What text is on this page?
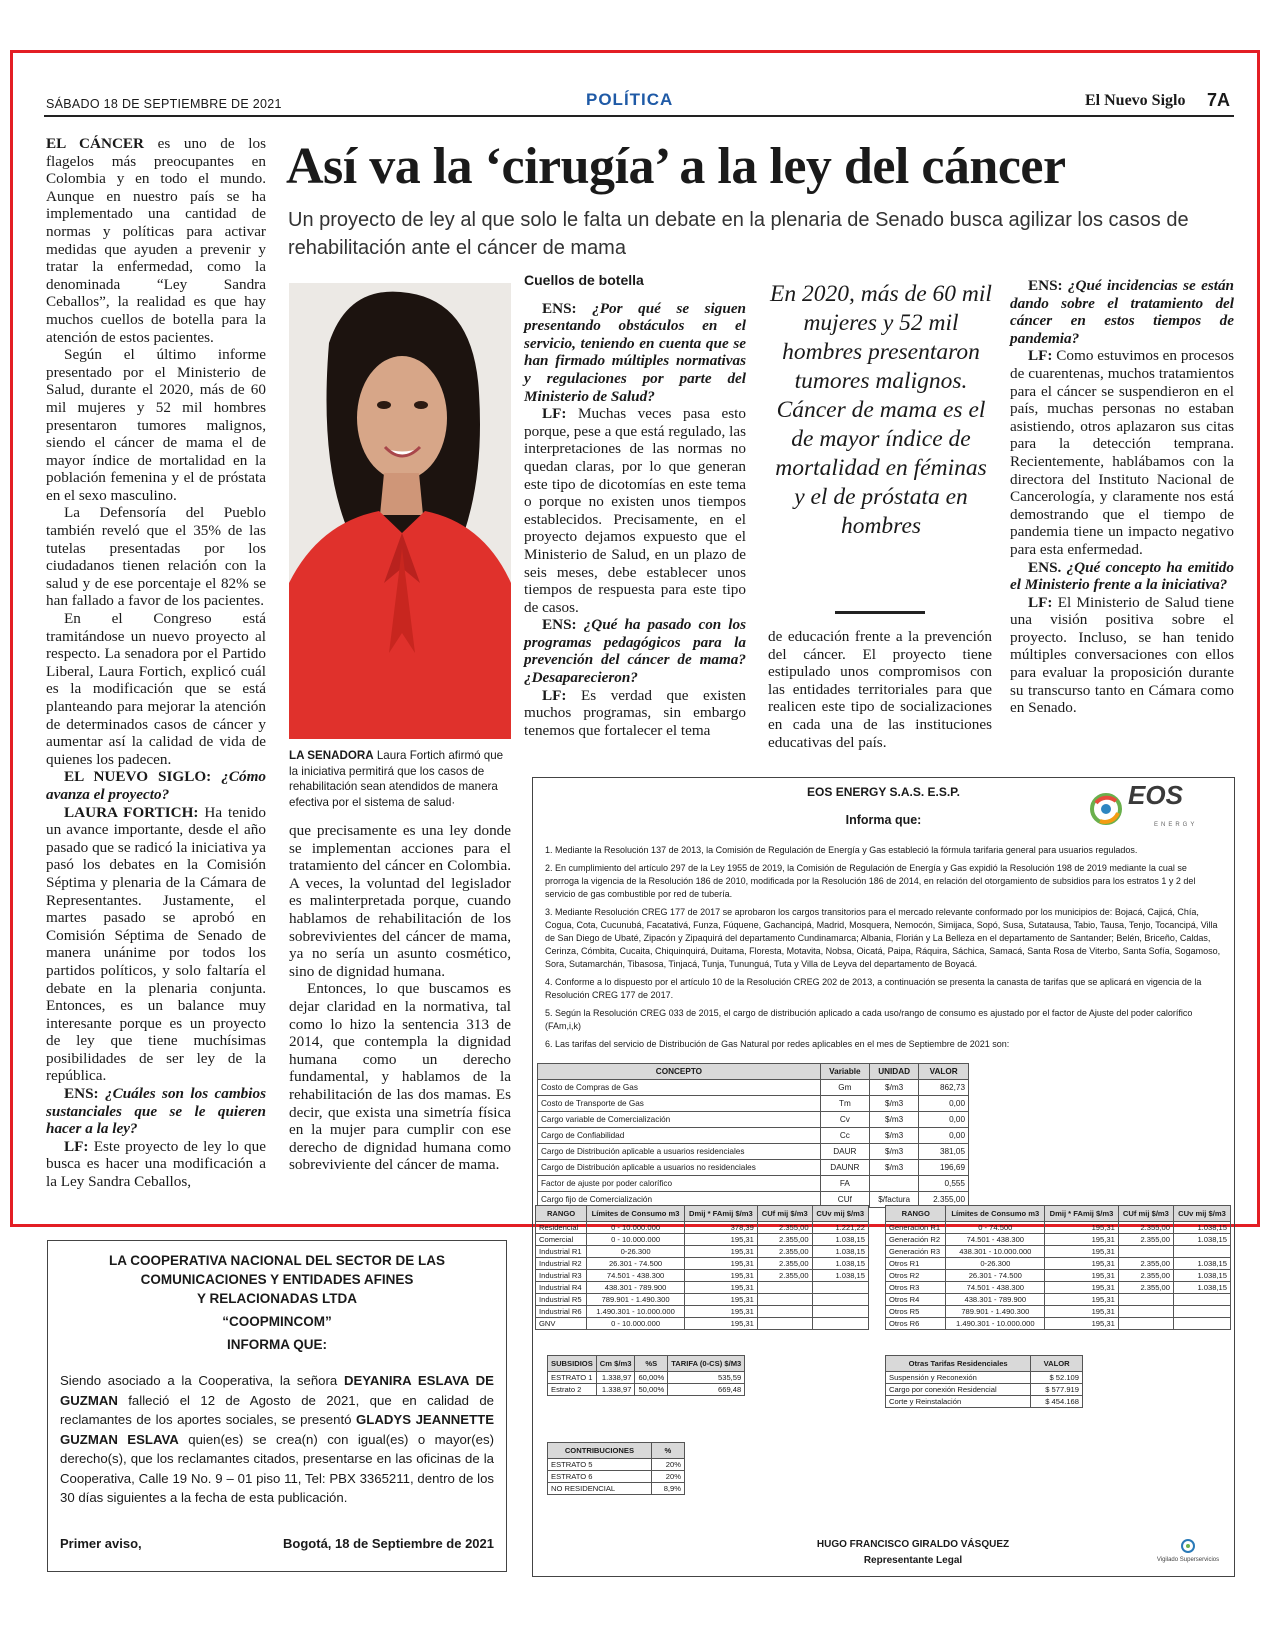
SÁBADO 18 DE SEPTIEMBRE DE 2021	POLÍTICA	El Nuevo Siglo 7A
Así va la ‘cirugía’ a la ley del cáncer
Un proyecto de ley al que solo le falta un debate en la plenaria de Senado busca agilizar los casos de rehabilitación ante el cáncer de mama

EL CÁNCER es uno de los flagelos más preocupantes en Colombia y en todo el mundo. Aunque en nuestro país se ha implementado una cantidad de normas y políticas para activar medidas que ayuden a prevenir y tratar la enfermedad, como la denominada “Ley Sandra Ceballos”, la realidad es que hay muchos cuellos de botella para la atención de estos pacientes.

Según el último informe presentado por el Ministerio de Salud, durante el 2020, más de 60 mil mujeres y 52 mil hombres presentaron tumores malignos, siendo el cáncer de mama el de mayor índice de mortalidad en la población femenina y el de próstata en el sexo masculino.

La Defensoría del Pueblo también reveló que el 35% de las tutelas presentadas por los ciudadanos tienen relación con la salud y de ese porcentaje el 82% se han fallado a favor de los pacientes.

En el Congreso está tramitándose un nuevo proyecto al respecto. La senadora por el Partido Liberal, Laura Fortich, explicó cuál es la modificación que se está planteando para mejorar la atención de determinados casos de cáncer y aumentar así la calidad de vida de quienes los padecen.

EL NUEVO SIGLO: ¿Cómo avanza el proyecto?

LAURA FORTICH: Ha tenido un avance importante, desde el año pasado que se radicó la iniciativa ya pasó los debates en la Comisión Séptima y plenaria de la Cámara de Representantes. Justamente, el martes pasado se aprobó en Comisión Séptima de Senado de manera unánime por todos los partidos políticos, y solo faltaría el debate en la plenaria conjunta. Entonces, es un balance muy interesante porque es un proyecto de ley que tiene muchísimas posibilidades de ser ley de la república.

ENS: ¿Cuáles son los cambios sustanciales que se le quieren hacer a la ley?

LF: Este proyecto de ley lo que busca es hacer una modificación a la Ley Sandra Ceballos,

LA SENADORA Laura Fortich afirmó que la iniciativa permitirá que los casos de rehabilitación sean atendidos de manera efectiva por el sistema de salud·

que precisamente es una ley donde se implementan acciones para el tratamiento del cáncer en Colombia. A veces, la voluntad del legislador es malinterpretada porque, cuando hablamos de rehabilitación de los sobrevivientes del cáncer de mama, ya no sería un asunto cosmético, sino de dignidad humana.

Entonces, lo que buscamos es dejar claridad en la normativa, tal como lo hizo la sentencia 313 de 2014, que contempla la dignidad humana como un derecho fundamental, y hablamos de la rehabilitación de las dos mamas. Es decir, que exista una simetría física en la mujer para cumplir con ese derecho de dignidad humana como sobreviviente del cáncer de mama.

Cuellos de botella

ENS: ¿Por qué se siguen presentando obstáculos en el servicio, teniendo en cuenta que se han firmado múltiples normativas y regulaciones por parte del Ministerio de Salud?

LF: Muchas veces pasa esto porque, pese a que está regulado, las interpretaciones de las normas no quedan claras, por lo que generan este tipo de dicotomías en este tema o porque no existen unos tiempos establecidos. Precisamente, en el proyecto dejamos expuesto que el Ministerio de Salud, en un plazo de seis meses, debe establecer unos tiempos de respuesta para este tipo de casos.

ENS: ¿Qué ha pasado con los programas pedagógicos para la prevención del cáncer de mama? ¿Desaparecieron?

LF: Es verdad que existen muchos programas, sin embargo tenemos que fortalecer el tema

En 2020, más de 60 mil mujeres y 52 mil hombres presentaron tumores malignos. Cáncer de mama es el de mayor índice de mortalidad en féminas y el de próstata en hombres

de educación frente a la prevención del cáncer. El proyecto tiene estipulado unos compromisos con las entidades territoriales para que realicen este tipo de socializaciones en cada una de las instituciones educativas del país.

ENS: ¿Qué incidencias se están dando sobre el tratamiento del cáncer en estos tiempos de pandemia?

LF: Como estuvimos en procesos de cuarentenas, muchos tratamientos para el cáncer se suspendieron en el país, muchas personas no estaban asistiendo, otros aplazaron sus citas para la detección temprana. Recientemente, hablábamos con la directora del Instituto Nacional de Cancerología, y claramente nos está demostrando que el tiempo de pandemia tiene un impacto negativo para esta enfermedad.

ENS. ¿Qué concepto ha emitido el Ministerio frente a la iniciativa?

LF: El Ministerio de Salud tiene una visión positiva sobre el proyecto. Incluso, se han tenido múltiples conversaciones con ellos para evaluar la proposición durante su transcurso tanto en Cámara como en Senado.

EOS ENERGY S.A.S. E.S.P.
Informa que:
EOS
ENERGY

1. Mediante la Resolución 137 de 2013, la Comisión de Regulación de Energía y Gas estableció la fórmula tarifaria general para usuarios regulados.

2. En cumplimiento del artículo 297 de la Ley 1955 de 2019, la Comisión de Regulación de Energía y Gas expidió la Resolución 198 de 2019 mediante la cual se prorroga la vigencia de la Resolución 186 de 2010, modificada por la Resolución 186 de 2014, en relación del otorgamiento de subsidios para los estratos 1 y 2 del servicio de gas combustible por red de tubería.

3. Mediante Resolución CREG 177 de 2017 se aprobaron los cargos transitorios para el mercado relevante conformado por los municipios de: Bojacá, Cajicá, Chía, Cogua, Cota, Cucunubá, Facatativá, Funza, Fúquene, Gachancipá, Madrid, Mosquera, Nemocón, Simijaca, Sopó, Susa, Sutatausa, Tabio, Tausa, Tenjo, Tocancipá, Villa de San Diego de Ubaté, Zipacón y Zipaquirá del departamento Cundinamarca; Albania, Florián y La Belleza en el departamento de Santander; Belén, Briceño, Caldas, Cerinza, Cómbita, Cucaita, Chiquinquirá, Duitama, Floresta, Motavita, Nobsa, Oicatá, Paipa, Ráquira, Sáchica, Samacá, Santa Rosa de Viterbo, Santa Sofía, Sogamoso, Sora, Sutamarchán, Tibasosa, Tinjacá, Tunja, Tununguá, Tuta y Villa de Leyva del departamento de Boyacá.

4. Conforme a lo dispuesto por el artículo 10 de la Resolución CREG 202 de 2013, a continuación se presenta la canasta de tarifas que se aplicará en vigencia de la Resolución CREG 177 de 2017.

5. Según la Resolución CREG 033 de 2015, el cargo de distribución aplicado a cada uso/rango de consumo es ajustado por el factor de Ajuste del poder calorífico (FAm,i,k)

6. Las tarifas del servicio de Distribución de Gas Natural por redes aplicables en el mes de Septiembre de 2021 son:

CONCEPTO	Variable	UNIDAD	VALOR
Costo de Compras de Gas	Gm	$/m3	862,73
Costo de Transporte de Gas	Tm	$/m3	0,00
Cargo variable de Comercialización	Cv	$/m3	0,00
Cargo de Confiabilidad	Cc	$/m3	0,00
Cargo de Distribución aplicable a usuarios residenciales	DAUR	$/m3	381,05
Cargo de Distribución aplicable a usuarios no residenciales	DAUNR	$/m3	196,69
Factor de ajuste por poder calorífico	FA		0,555
Cargo fijo de Comercialización	CUf	$/factura	2.355,00
RANGO	Límites de Consumo m3	Dmij * FAmij $/m3	CUf mij $/m3	CUv mij $/m3
Residencial	0 - 10.000.000	378,39	2.355,00	1.221,22
Comercial	0 - 10.000.000	195,31	2.355,00	1.038,15
Industrial R1	0-26.300	195,31	2.355,00	1.038,15
Industrial R2	26.301 - 74.500	195,31	2.355,00	1.038,15
Industrial R3	74.501 - 438.300	195,31	2.355,00	1.038,15
Industrial R4	438.301 - 789.900	195,31		
Industrial R5	789.901 - 1.490.300	195,31		
Industrial R6	1.490.301 - 10.000.000	195,31		
GNV	0 - 10.000.000	195,31		
RANGO	Límites de Consumo m3	Dmij * FAmij $/m3	CUf mij $/m3	CUv mij $/m3
Generación R1	0 - 74.500	195,31	2.355,00	1.038,15
Generación R2	74.501 - 438.300	195,31	2.355,00	1.038,15
Generación R3	438.301 - 10.000.000	195,31		
Otros R1	0-26.300	195,31	2.355,00	1.038,15
Otros R2	26.301 - 74.500	195,31	2.355,00	1.038,15
Otros R3	74.501 - 438.300	195,31	2.355,00	1.038,15
Otros R4	438.301 - 789.900	195,31		
Otros R5	789.901 - 1.490.300	195,31		
Otros R6	1.490.301 - 10.000.000	195,31		
SUBSIDIOS	Cm $/m3	%S	TARIFA (0-CS) $/M3
ESTRATO 1	1.338,97	60,00%	535,59
Estrato 2	1.338,97	50,00%	669,48
CONTRIBUCIONES	%
ESTRATO 5	20%
ESTRATO 6	20%
NO RESIDENCIAL	8,9%
Otras Tarifas Residenciales	VALOR
Suspensión y Reconexión	$ 52.109
Cargo por conexión Residencial	$ 577.919
Corte y Reinstalación	$ 454.168
HUGO FRANCISCO GIRALDO VÁSQUEZ
Representante Legal	Vigilado Superservicios
LA COOPERATIVA NACIONAL DEL SECTOR DE LAS
COMUNICACIONES Y ENTIDADES AFINES
Y RELACIONADAS LTDA
“COOPMINCOM”
INFORMA QUE:
Siendo asociado a la Cooperativa, la señora DEYANIRA ESLAVA DE GUZMAN falleció el 12 de Agosto de 2021, que en calidad de reclamantes de los aportes sociales, se presentó GLADYS JEANNETTE GUZMAN ESLAVA quien(es) se crea(n) con igual(es) o mayor(es) derecho(s), que los reclamantes citados, presentarse en las oficinas de la Cooperativa, Calle 19 No. 9 – 01 piso 11, Tel: PBX 3365211, dentro de los 30 días siguientes a la fecha de esta publicación.
Primer aviso,	Bogotá, 18 de Septiembre de 2021
